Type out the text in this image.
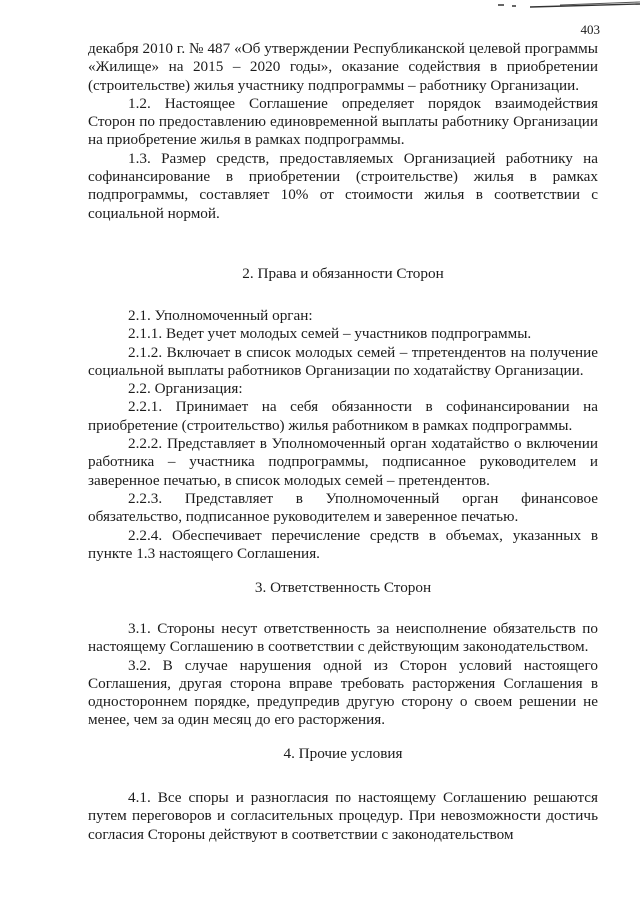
403

декабря 2010 г. № 487 «Об утверждении Республиканской целевой программы «Жилище» на 2015 – 2020 годы», оказание содействия в приобретении (строительстве) жилья участнику подпрограммы – работнику Организации.

1.2. Настоящее Соглашение определяет порядок взаимодействия Сторон по предоставлению единовременной выплаты работнику Организации на приобретение жилья в рамках подпрограммы.

1.3. Размер средств, предоставляемых Организацией работнику на софинансирование в приобретении (строительстве) жилья в рамках подпрограммы, составляет 10% от стоимости жилья в соответствии с социальной нормой.

2. Права и обязанности Сторон

2.1. Уполномоченный орган:

2.1.1. Ведет учет молодых семей – участников подпрограммы.

2.1.2. Включает в список молодых семей – тпретендентов на получение социальной выплаты работников Организации по ходатайству Организации.

2.2. Организация:

2.2.1. Принимает на себя обязанности в софинансировании на приобретение (строительство) жилья работником в рамках подпрограммы.

2.2.2. Представляет в Уполномоченный орган ходатайство о включении работника – участника подпрограммы, подписанное руководителем и заверенное печатью, в список молодых семей – претендентов.

2.2.3. Представляет в Уполномоченный орган финансовое обязательство, подписанное руководителем и заверенное печатью.

2.2.4. Обеспечивает перечисление средств в объемах, указанных в пункте 1.3 настоящего Соглашения.

3. Ответственность Сторон

3.1. Стороны несут ответственность за неисполнение обязательств по настоящему Соглашению в соответствии с действующим законодательством.

3.2. В случае нарушения одной из Сторон условий настоящего Соглашения, другая сторона вправе требовать расторжения Соглашения в одностороннем порядке, предупредив другую сторону о своем решении не менее, чем за один месяц до его расторжения.

4. Прочие условия

4.1. Все споры и разногласия по настоящему Соглашению решаются путем переговоров и согласительных процедур. При невозможности достичь согласия Стороны действуют в соответствии с законодательством
